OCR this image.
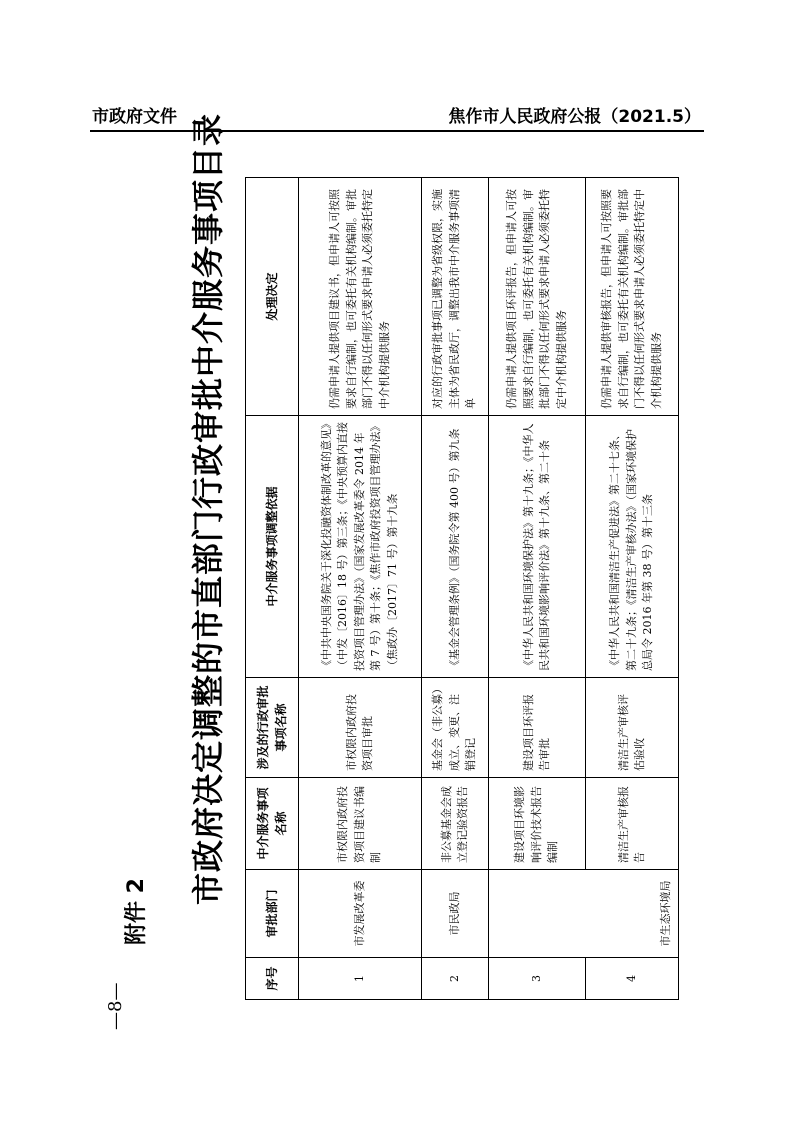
市政府文件	焦作市人民政府公报（2021.5）
—8—
附件 2
市政府决定调整的市直部门行政审批中介服务事项目录
序号	审批部门	中介服务事项名称	涉及的行政审批事项名称	中介服务事项调整依据	处理决定
1	市发展改革委	市权限内政府投资项目建议书编制	市权限内政府投资项目审批	《中共中央国务院关于深化投融资体制改革的意见》（中发〔2016〕18 号）第三条；《中央预算内直接投资项目管理办法》（国家发展改革委令 2014 年第 7 号）第十条；《焦作市政府投资项目管理办法》（焦政办〔2017〕71 号）第十九条	仍需申请人提供项目建议书，但申请人可按照要求自行编制，也可委托有关机构编制。审批部门不得以任何形式要求申请人必须委托特定中介机构提供服务
2	市民政局	非公募基金会成立登记验资报告	基金会（非公募）成立、变更、注销登记	《基金会管理条例》（国务院令第 400 号）第九条	对应的行政审批事项已调整为省级权限，实施主体为省民政厅，调整出我市中介服务事项清单
3	市生态环境局	建设项目环境影响评价技术报告编制	建设项目环评报告审批	《中华人民共和国环境保护法》第十九条；《中华人民共和国环境影响评价法》第十九条、第二十条	仍需申请人提供项目环评报告，但申请人可按照要求自行编制，也可委托有关机构编制。审批部门不得以任何形式要求申请人必须委托特定中介机构提供服务
4		清洁生产审核报告	清洁生产审核评估验收	《中华人民共和国清洁生产促进法》第二十七条、第二十九条；《清洁生产审核办法》（国家环境保护总局令 2016 年第 38 号）第十三条	仍需申请人提供审核报告，但申请人可按照要求自行编制，也可委托有关机构编制。审批部门不得以任何形式要求申请人必须委托特定中介机构提供服务
